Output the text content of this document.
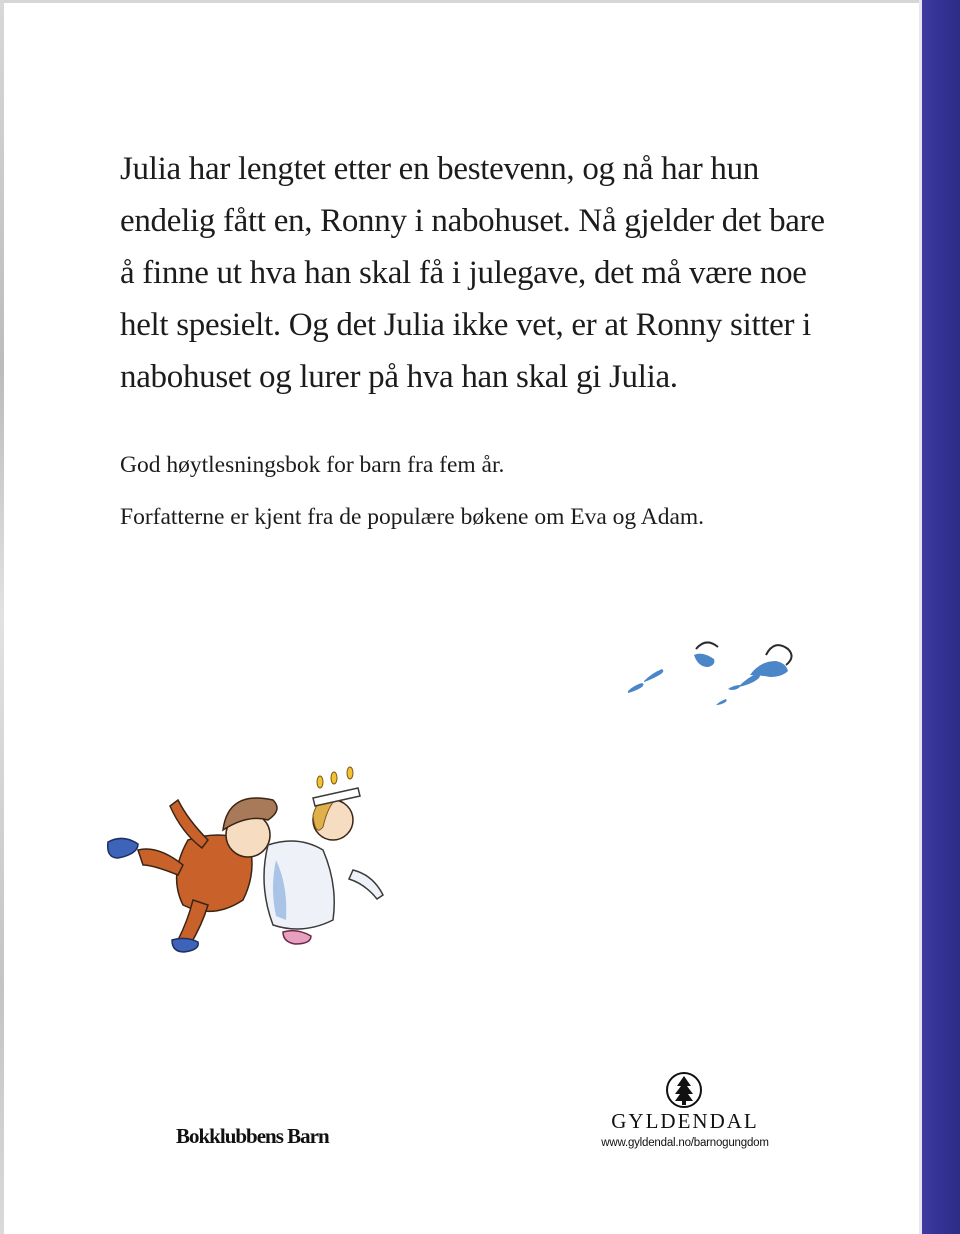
Julia har lengtet etter en bestevenn, og nå har hun
endelig fått en, Ronny i nabohuset. Nå gjelder det bare
å finne ut hva han skal få i julegave, det må være noe
helt spesielt. Og det Julia ikke vet, er at Ronny sitter i
nabohuset og lurer på hva han skal gi Julia.

God høytlesningsbok for barn fra fem år.

Forfatterne er kjent fra de populære bøkene om Eva og Adam.

Bokklubbens Barn

GYLDENDAL

www.gyldendal.no/barnogungdom
